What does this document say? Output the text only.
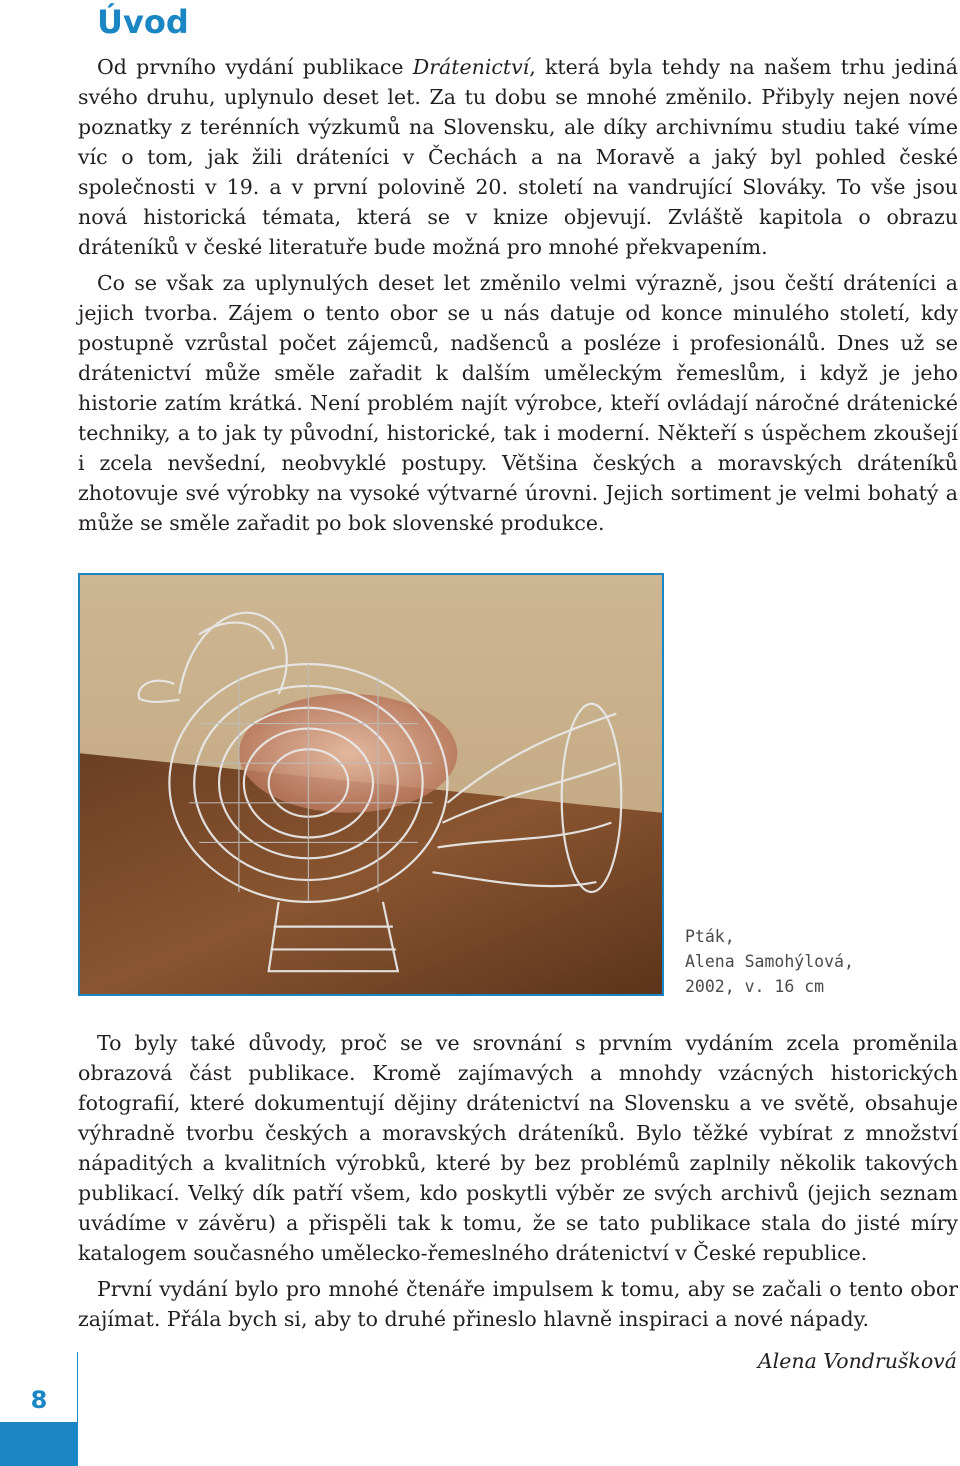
Úvod

Od prvního vydání publikace Drátenictví, která byla tehdy na našem trhu jediná svého druhu, uplynulo deset let. Za tu dobu se mnohé změnilo. Přibyly nejen nové poznatky z terénních výzkumů na Slovensku, ale díky archivnímu studiu také víme víc o tom, jak žili dráteníci v Čechách a na Moravě a jaký byl pohled české společnosti v 19. a v první polovině 20. století na vandrující Slováky. To vše jsou nová historická témata, která se v knize objevují. Zvláště kapitola o obrazu dráteníků v české literatuře bude možná pro mnohé překvapením.

Co se však za uplynulých deset let změnilo velmi výrazně, jsou čeští dráteníci a jejich tvorba. Zájem o tento obor se u nás datuje od konce minulého století, kdy postupně vzrůstal počet zájemců, nadšenců a posléze i profesionálů. Dnes už se drátenictví může směle zařadit k dalším uměleckým řemeslům, i když je jeho historie zatím krátká. Není problém najít výrobce, kteří ovládají náročné drátenické techniky, a to jak ty původní, historické, tak i moderní. Někteří s úspěchem zkoušejí i zcela nevšední, neobvyklé postupy. Většina českých a moravských dráteníků zhotovuje své výrobky na vysoké výtvarné úrovni. Jejich sortiment je velmi bohatý a může se směle zařadit po bok slovenské produkce.

Pták,
Alena Samohýlová,
2002, v. 16 cm

To byly také důvody, proč se ve srovnání s prvním vydáním zcela proměnila obrazová část publikace. Kromě zajímavých a mnohdy vzácných historických fotografií, které dokumentují dějiny drátenictví na Slovensku a ve světě, obsahuje výhradně tvorbu českých a moravských dráteníků. Bylo těžké vybírat z množství nápaditých a kvalitních výrobků, které by bez problémů zaplnily několik takových publikací. Velký dík patří všem, kdo poskytli výběr ze svých archivů (jejich seznam uvádíme v závěru) a přispěli tak k tomu, že se tato publikace stala do jisté míry katalogem současného umělecko-řemeslného drátenictví v České republice.

První vydání bylo pro mnohé čtenáře impulsem k tomu, aby se začali o tento obor zajímat. Přála bych si, aby to druhé přineslo hlavně inspiraci a nové nápady.

Alena Vondrušková
8
